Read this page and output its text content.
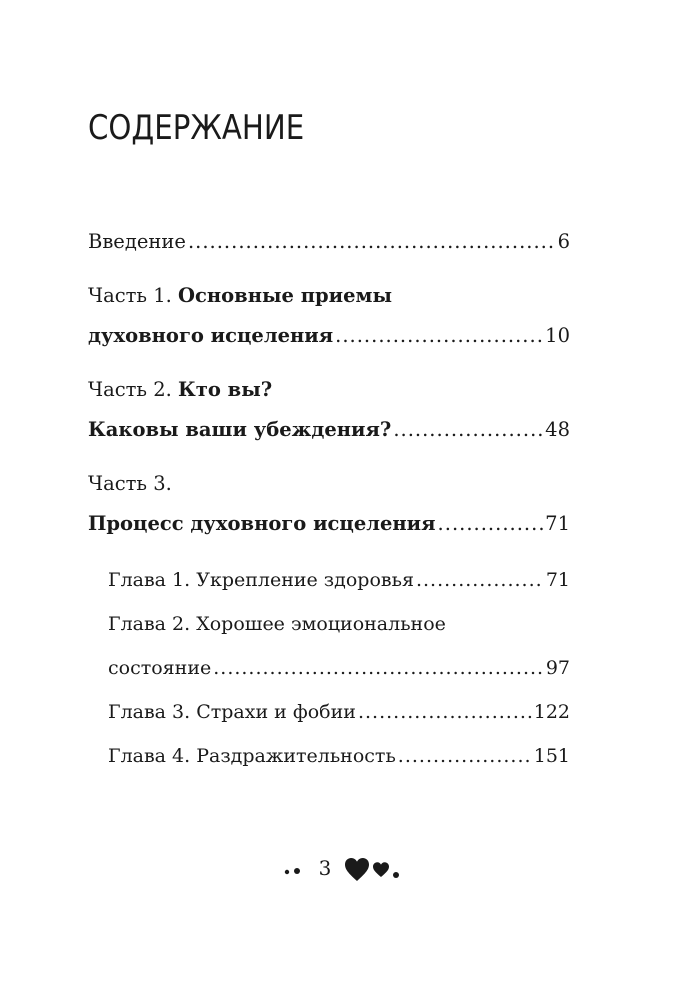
СОДЕРЖАНИЕ
Введение .....	6
Часть 1.
Основные приемы
духовного исцеления .....	10
Часть 2.
Кто вы?
Каковы ваши убеждения? .....	48
Часть 3.
Процесс духовного исцеления .....	71
Глава 1. Укрепление здоровья .....	71
Глава 2. Хорошее эмоциональное
состояние .....	97
Глава 3. Страхи и фобии .....	122
Глава 4. Раздражительность .....	151
3
